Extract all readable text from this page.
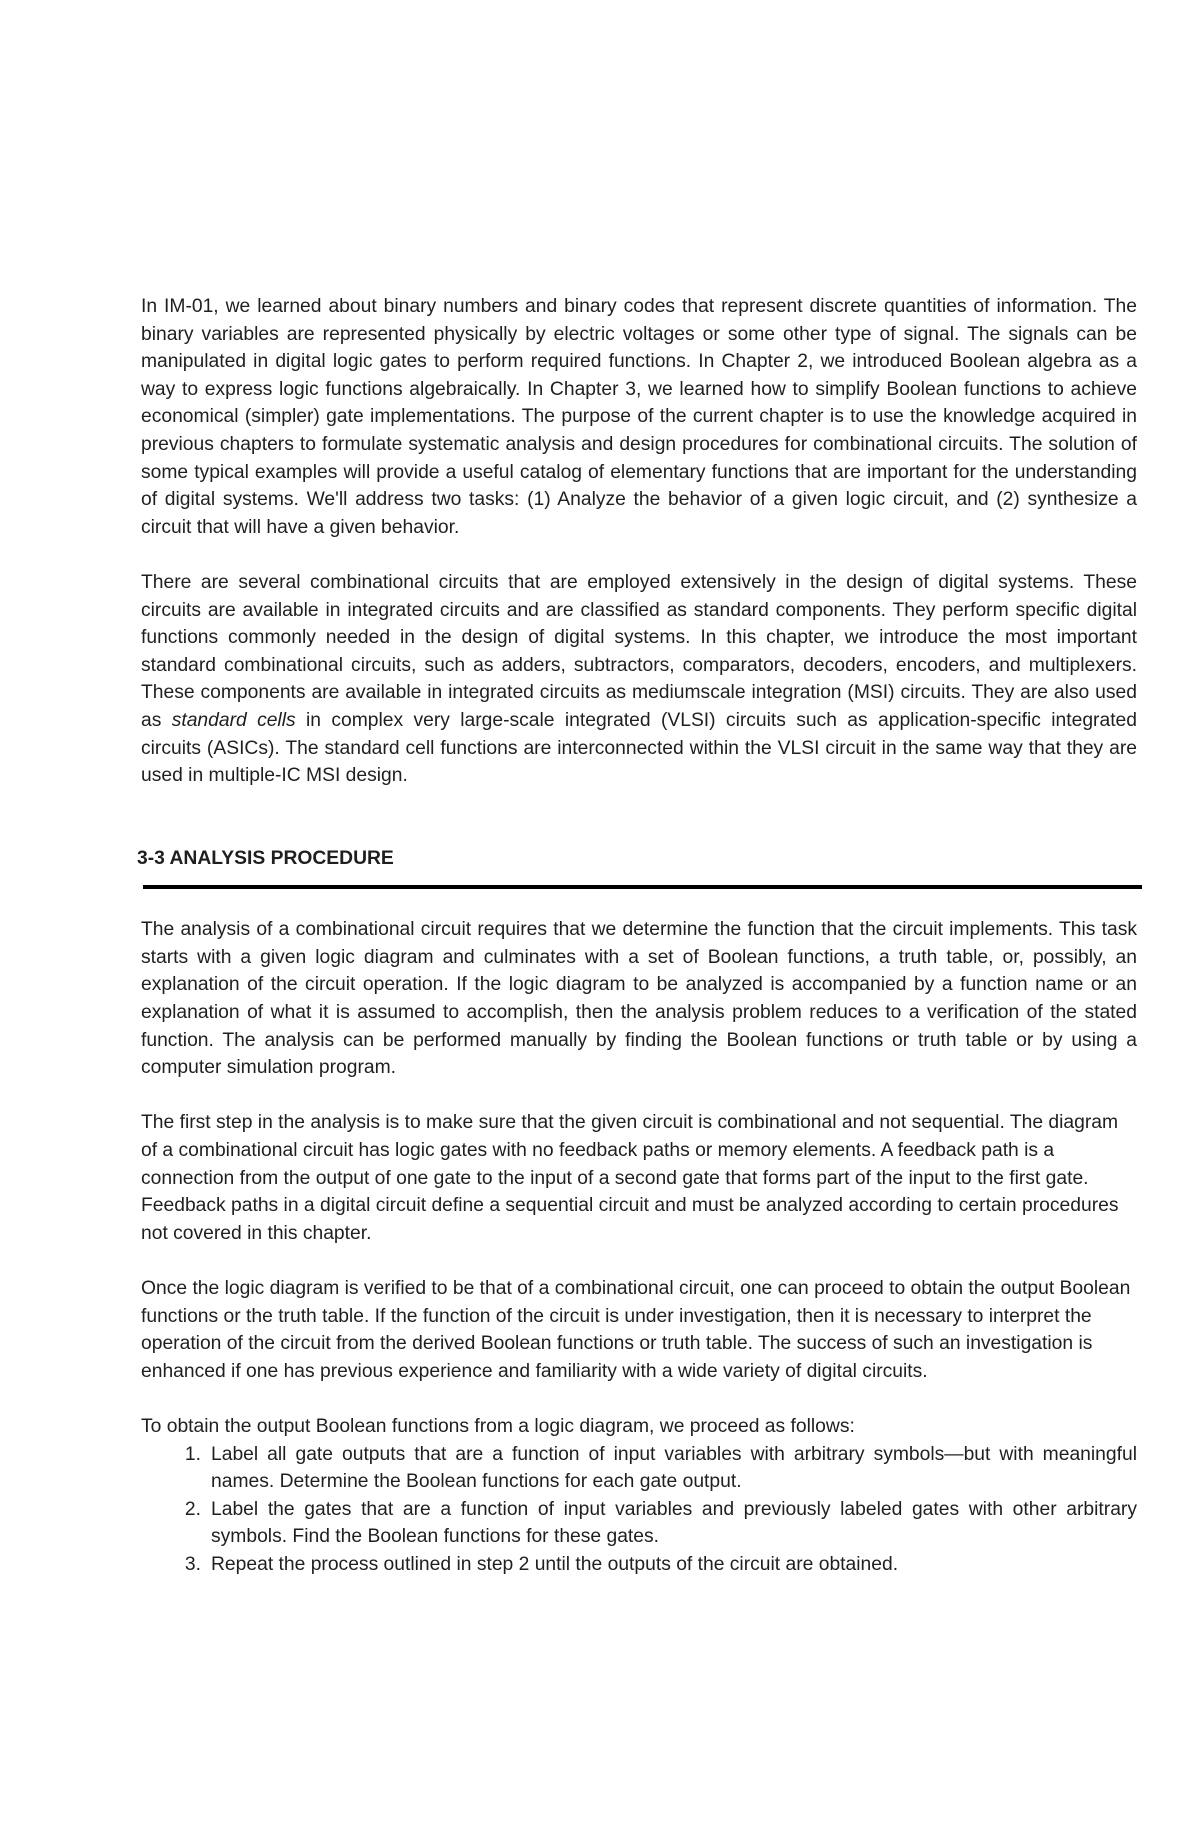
In IM-01, we learned about binary numbers and binary codes that represent discrete quantities of information. The binary variables are represented physically by electric voltages or some other type of signal. The signals can be manipulated in digital logic gates to perform required functions. In Chapter 2, we introduced Boolean algebra as a way to express logic functions algebraically. In Chapter 3, we learned how to simplify Boolean functions to achieve economical (simpler) gate implementations. The purpose of the current chapter is to use the knowledge acquired in previous chapters to formulate systematic analysis and design procedures for combinational circuits. The solution of some typical examples will provide a useful catalog of elementary functions that are important for the understanding of digital systems. We'll address two tasks: (1) Analyze the behavior of a given logic circuit, and (2) synthesize a circuit that will have a given behavior.

There are several combinational circuits that are employed extensively in the design of digital systems. These circuits are available in integrated circuits and are classified as standard components. They perform specific digital functions commonly needed in the design of digital systems. In this chapter, we introduce the most important standard combinational circuits, such as adders, subtractors, comparators, decoders, encoders, and multiplexers. These components are available in integrated circuits as mediumscale integration (MSI) circuits. They are also used as standard cells in complex very large-scale integrated (VLSI) circuits such as application-specific integrated circuits (ASICs). The standard cell functions are interconnected within the VLSI circuit in the same way that they are used in multiple-IC MSI design.

3-3 ANALYSIS PROCEDURE

The analysis of a combinational circuit requires that we determine the function that the circuit implements. This task starts with a given logic diagram and culminates with a set of Boolean functions, a truth table, or, possibly, an explanation of the circuit operation. If the logic diagram to be analyzed is accompanied by a function name or an explanation of what it is assumed to accomplish, then the analysis problem reduces to a verification of the stated function. The analysis can be performed manually by finding the Boolean functions or truth table or by using a computer simulation program.

The first step in the analysis is to make sure that the given circuit is combinational and not sequential. The diagram of a combinational circuit has logic gates with no feedback paths or memory elements. A feedback path is a connection from the output of one gate to the input of a second gate that forms part of the input to the first gate. Feedback paths in a digital circuit define a sequential circuit and must be analyzed according to certain procedures not covered in this chapter.

Once the logic diagram is verified to be that of a combinational circuit, one can proceed to obtain the output Boolean functions or the truth table. If the function of the circuit is under investigation, then it is necessary to interpret the operation of the circuit from the derived Boolean functions or truth table. The success of such an investigation is enhanced if one has previous experience and familiarity with a wide variety of digital circuits.

To obtain the output Boolean functions from a logic diagram, we proceed as follows:

1. Label all gate outputs that are a function of input variables with arbitrary symbols—but with meaningful names. Determine the Boolean functions for each gate output.
2. Label the gates that are a function of input variables and previously labeled gates with other arbitrary symbols. Find the Boolean functions for these gates.
3. Repeat the process outlined in step 2 until the outputs of the circuit are obtained.
